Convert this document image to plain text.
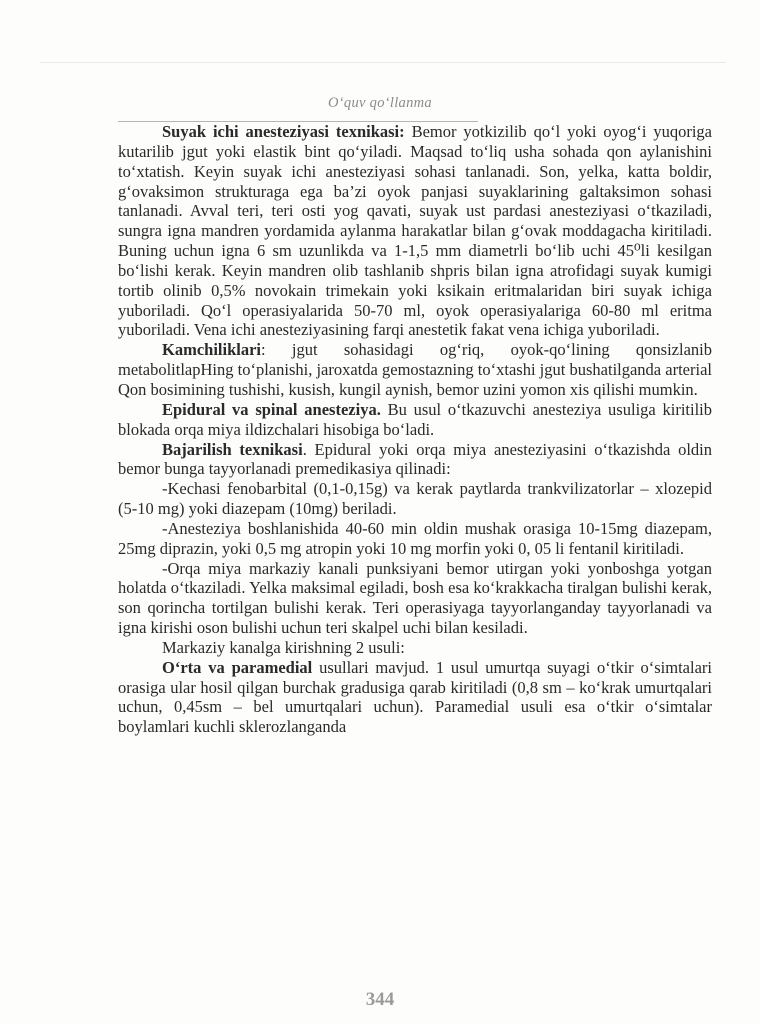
O‘quv qo‘llanma

Suyak ichi anesteziyasi texnikasi: Bemor yotkizilib qo‘l yoki oyog‘i yuqoriga kutarilib jgut yoki elastik bint qo‘yiladi. Maqsad to‘liq usha sohada qon aylanishini to‘xtatish. Keyin suyak ichi anesteziyasi sohasi tanlanadi. Son, yelka, katta boldir, g‘ovaksimon strukturaga ega ba’zi oyok panjasi suyaklarining galtaksimon sohasi tanlanadi. Avval teri, teri osti yog qavati, suyak ust pardasi anesteziyasi o‘tkaziladi, sungra igna mandren yordamida aylanma harakatlar bilan g‘ovak moddagacha kiritiladi. Buning uchun igna 6 sm uzunlikda va 1-1,5 mm diametrli bo‘lib uchi 45⁰li kesilgan bo‘lishi kerak. Keyin mandren olib tashlanib shpris bilan igna atrofidagi suyak kumigi tortib olinib 0,5% novokain trimekain yoki ksikain eritmalaridan biri suyak ichiga yuboriladi. Qo‘l operasiyalarida 50-70 ml, oyok operasiyalariga 60-80 ml eritma yuboriladi. Vena ichi anesteziyasining farqi anestetik fakat vena ichiga yuboriladi.

Kamchiliklari: jgut sohasidagi og‘riq, oyok-qo‘lining qonsizlanib metabolitlapHing to‘planishi, jaroxatda gemostazning to‘xtashi jgut bushatilganda arterial Qon bosimining tushishi, kusish, kungil aynish, bemor uzini yomon xis qilishi mumkin.

Epidural va spinal anesteziya. Bu usul o‘tkazuvchi anesteziya usuliga kiritilib blokada orqa miya ildizchalari hisobiga bo‘ladi.

Bajarilish texnikasi. Epidural yoki orqa miya anesteziyasini o‘tkazishda oldin bemor bunga tayyorlanadi premedikasiya qilinadi:

-Kechasi fenobarbital (0,1-0,15g) va kerak paytlarda trankvilizatorlar – xlozepid (5-10 mg) yoki diazepam (10mg) beriladi.

-Anesteziya boshlanishida 40-60 min oldin mushak orasiga 10-15mg diazepam, 25mg diprazin, yoki 0,5 mg atropin yoki 10 mg morfin yoki 0, 05 li fentanil kiritiladi.

-Orqa miya markaziy kanali punksiyani bemor utirgan yoki yonboshga yotgan holatda o‘tkaziladi. Yelka maksimal egiladi, bosh esa ko‘krakkacha tiralgan bulishi kerak, son qorincha tortilgan bulishi kerak. Teri operasiyaga tayyorlanganday tayyorlanadi va igna kirishi oson bulishi uchun teri skalpel uchi bilan kesiladi.

Markaziy kanalga kirishning 2 usuli:

O‘rta va paramedial usullari mavjud. 1 usul umurtqa suyagi o‘tkir o‘simtalari orasiga ular hosil qilgan burchak gradusiga qarab kiritiladi (0,8 sm – ko‘krak umurtqalari uchun, 0,45sm – bel umurtqalari uchun). Paramedial usuli esa o‘tkir o‘simtalar boylamlari kuchli sklerozlanganda

344
